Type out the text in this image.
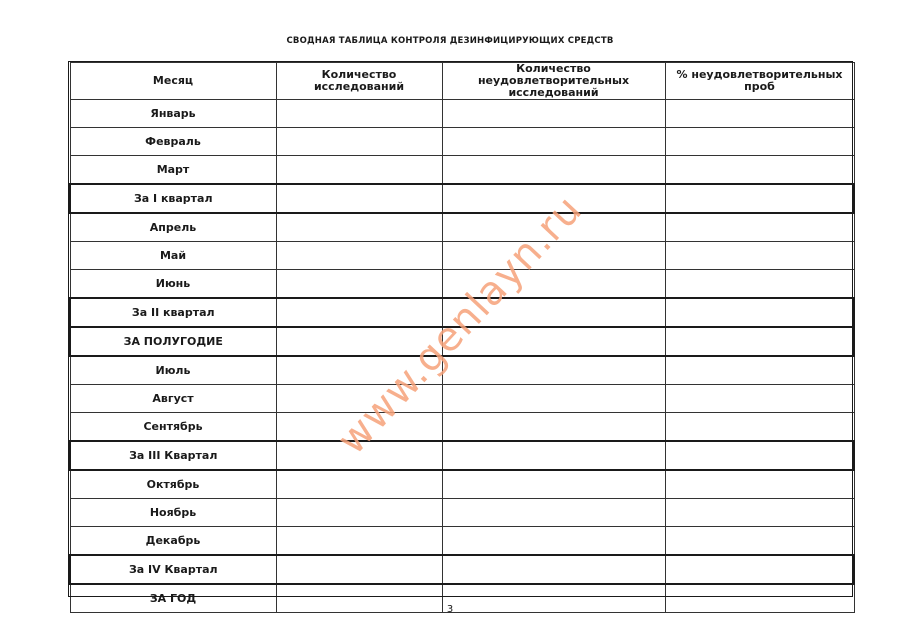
СВОДНАЯ ТАБЛИЦА КОНТРОЛЯ ДЕЗИНФИЦИРУЮЩИХ СРЕДСТВ
Месяц	Количество исследований	Количество неудовлетворительных исследований	% неудовлетворительных проб
Январь			
Февраль			
Март			
За I квартал			
Апрель			
Май			
Июнь			
За II квартал			
ЗА ПОЛУГОДИЕ			
Июль			
Август			
Сентябрь			
За III Квартал			
Октябрь			
Ноябрь			
Декабрь			
За IV Квартал			
ЗА ГОД			
www.genlayn.ru
3
